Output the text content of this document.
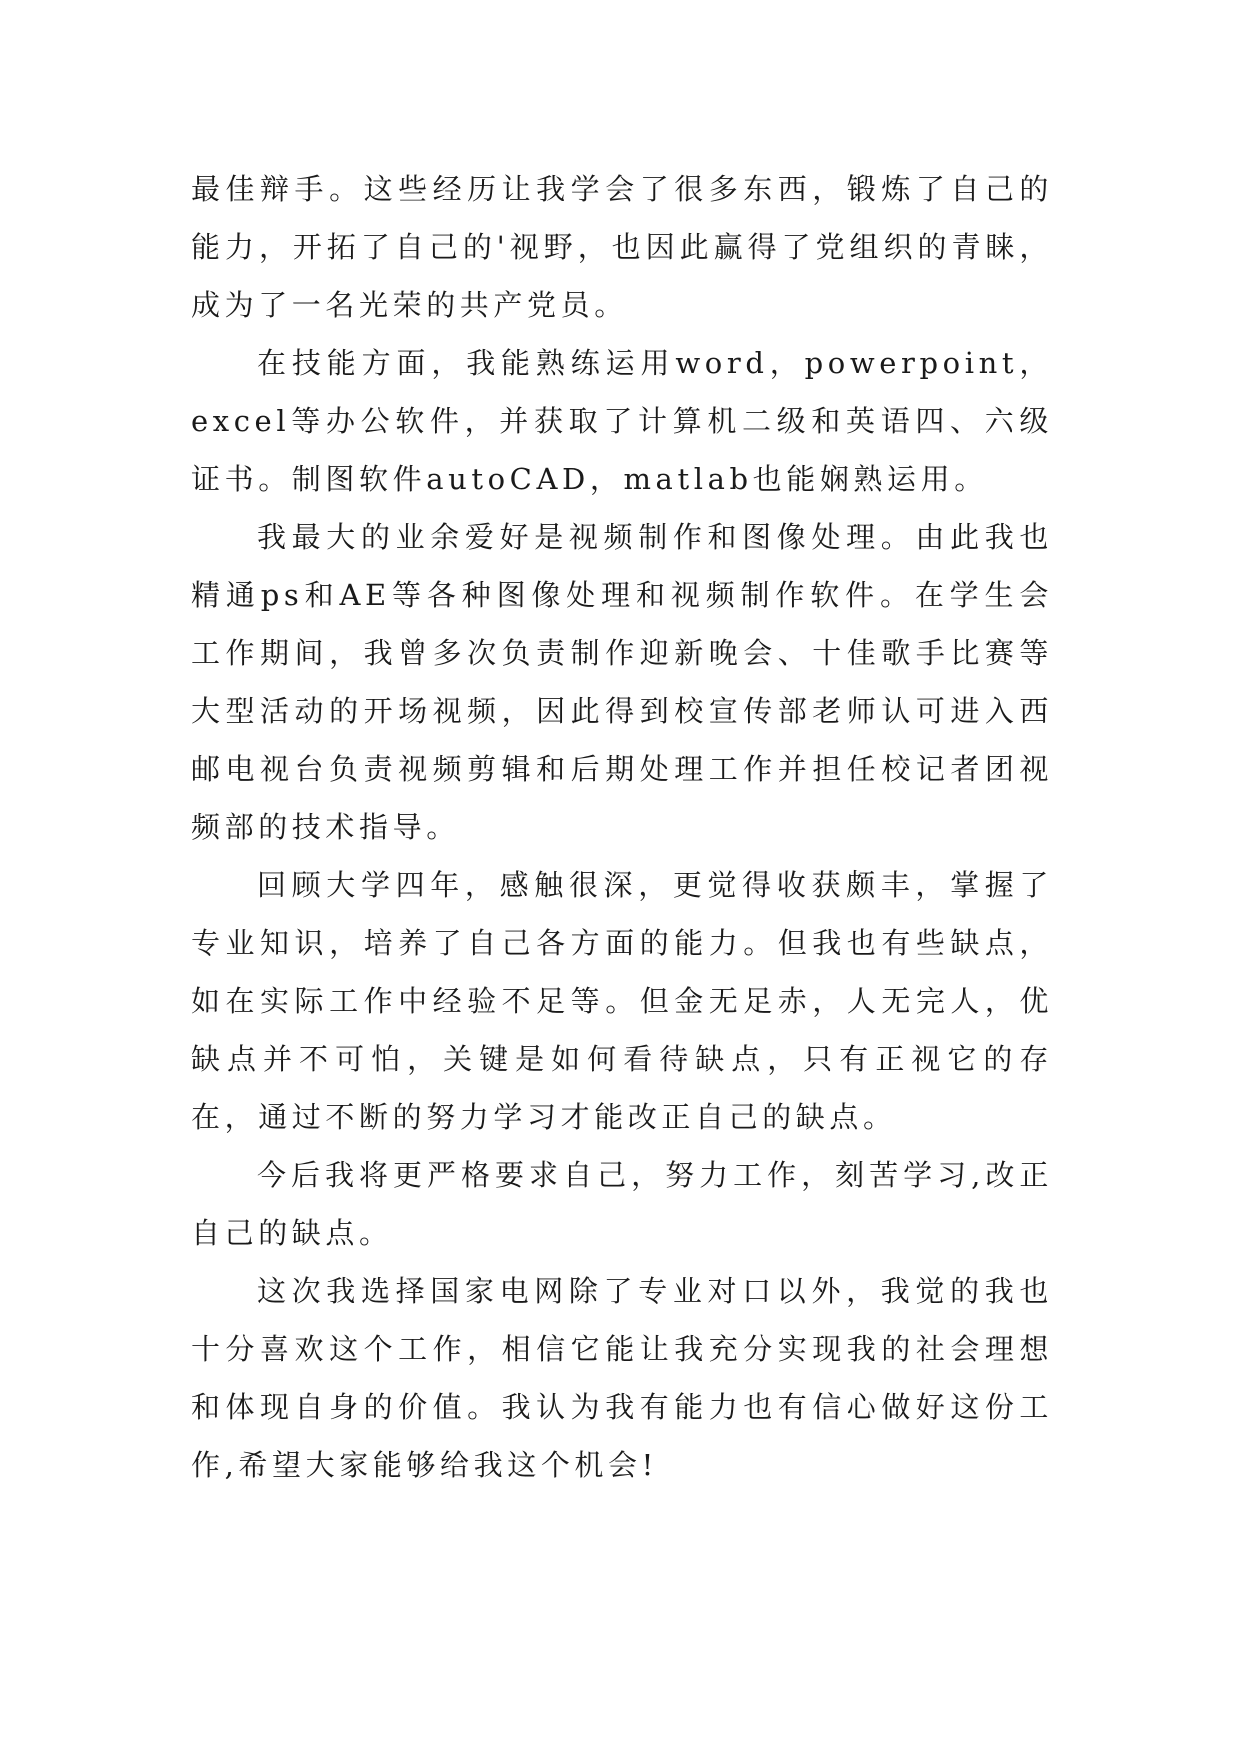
最佳辩手。这些经历让我学会了很多东西，锻炼了自己的能力，开拓了自己的'视野，也因此赢得了党组织的青睐，成为了一名光荣的共产党员。

在技能方面，我能熟练运用word，powerpoint，excel等办公软件，并获取了计算机二级和英语四、六级证书。制图软件autoCAD，matlab也能娴熟运用。

我最大的业余爱好是视频制作和图像处理。由此我也精通ps和AE等各种图像处理和视频制作软件。在学生会工作期间，我曾多次负责制作迎新晚会、十佳歌手比赛等大型活动的开场视频，因此得到校宣传部老师认可进入西邮电视台负责视频剪辑和后期处理工作并担任校记者团视频部的技术指导。

回顾大学四年，感触很深，更觉得收获颇丰，掌握了专业知识，培养了自己各方面的能力。但我也有些缺点，如在实际工作中经验不足等。但金无足赤，人无完人，优缺点并不可怕，关键是如何看待缺点，只有正视它的存在，通过不断的努力学习才能改正自己的缺点。

今后我将更严格要求自己，努力工作，刻苦学习,改正自己的缺点。

这次我选择国家电网除了专业对口以外，我觉的我也十分喜欢这个工作，相信它能让我充分实现我的社会理想和体现自身的价值。我认为我有能力也有信心做好这份工作,希望大家能够给我这个机会!
